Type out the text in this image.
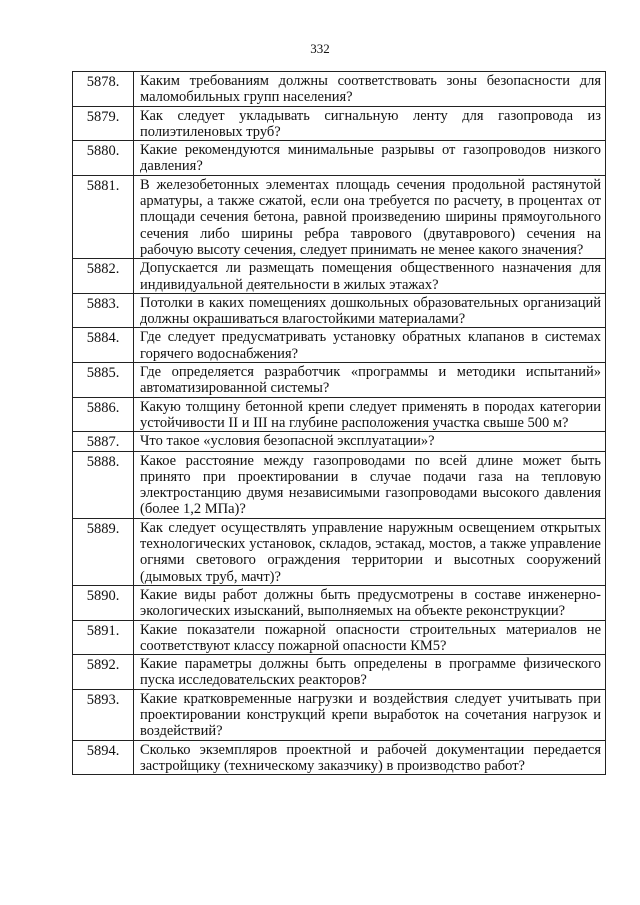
332
5878.	Каким требованиям должны соответствовать зоны безопасности для маломобильных групп населения?
5879.	Как следует укладывать сигнальную ленту для газопровода из полиэтиленовых труб?
5880.	Какие рекомендуются минимальные разрывы от газопроводов низкого давления?
5881.	В железобетонных элементах площадь сечения продольной растянутой арматуры, а также сжатой, если она требуется по расчету, в процентах от площади сечения бетона, равной произведению ширины прямоугольного сечения либо ширины ребра таврового (двутаврового) сечения на рабочую высоту сечения, следует принимать не менее какого значения?
5882.	Допускается ли размещать помещения общественного назначения для индивидуальной деятельности в жилых этажах?
5883.	Потолки в каких помещениях дошкольных образовательных организаций должны окрашиваться влагостойкими материалами?
5884.	Где следует предусматривать установку обратных клапанов в системах горячего водоснабжения?
5885.	Где определяется разработчик «программы и методики испытаний» автоматизированной системы?
5886.	Какую толщину бетонной крепи следует применять в породах категории устойчивости II и III на глубине расположения участка свыше 500 м?
5887.	Что такое «условия безопасной эксплуатации»?
5888.	Какое расстояние между газопроводами по всей длине может быть принято при проектировании в случае подачи газа на тепловую электростанцию двумя независимыми газопроводами высокого давления (более 1,2 МПа)?
5889.	Как следует осуществлять управление наружным освещением открытых технологических установок, складов, эстакад, мостов, а также управление огнями светового ограждения территории и высотных сооружений (дымовых труб, мачт)?
5890.	Какие виды работ должны быть предусмотрены в составе инженерно-экологических изысканий, выполняемых на объекте реконструкции?
5891.	Какие показатели пожарной опасности строительных материалов не соответствуют классу пожарной опасности КМ5?
5892.	Какие параметры должны быть определены в программе физического пуска исследовательских реакторов?
5893.	Какие кратковременные нагрузки и воздействия следует учитывать при проектировании конструкций крепи выработок на сочетания нагрузок и воздействий?
5894.	Сколько экземпляров проектной и рабочей документации передается застройщику (техническому заказчику) в производство работ?
